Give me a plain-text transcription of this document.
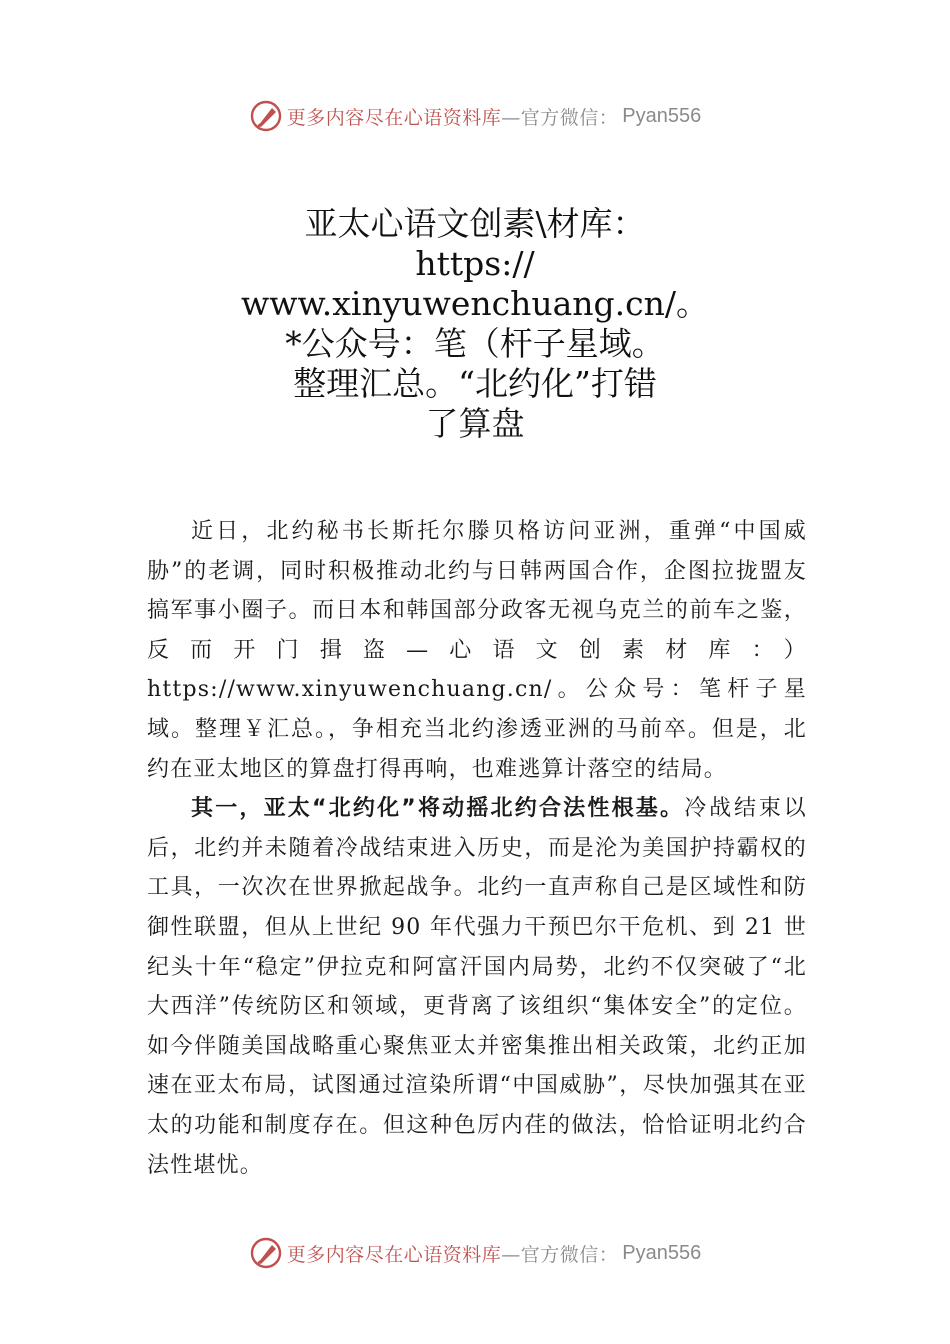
更多内容尽在心语资料库 —官方微信： Pyan556
亚太心语文创素\材库：
https://
www.xinyuwenchuang.cn/。
*公众号：笔（杆子星域。
整理汇总。“北约化”打错
了算盘

近日，北约秘书长斯托尔滕贝格访问亚洲，重弹“中国威胁”的老调，同时积极推动北约与日韩两国合作，企图拉拢盟友搞军事小圈子。而日本和韩国部分政客无视乌克兰的前车之鉴，反而开门揖盗—心语文创素材库：）https://www.xinyuwenchuang.cn/。公众号：笔杆子星域。整理￥汇总。，争相充当北约渗透亚洲的马前卒。但是，北约在亚太地区的算盘打得再响，也难逃算计落空的结局。

其一，亚太“北约化”将动摇北约合法性根基。冷战结束以后，北约并未随着冷战结束进入历史，而是沦为美国护持霸权的工具，一次次在世界掀起战争。北约一直声称自己是区域性和防御性联盟，但从上世纪 90 年代强力干预巴尔干危机、到 21 世纪头十年“稳定”伊拉克和阿富汗国内局势，北约不仅突破了“北大西洋”传统防区和领域，更背离了该组织“集体安全”的定位。如今伴随美国战略重心聚焦亚太并密集推出相关政策，北约正加速在亚太布局，试图通过渲染所谓“中国威胁”，尽快加强其在亚太的功能和制度存在。但这种色厉内荏的做法，恰恰证明北约合法性堪忧。

更多内容尽在心语资料库 —官方微信： Pyan556
